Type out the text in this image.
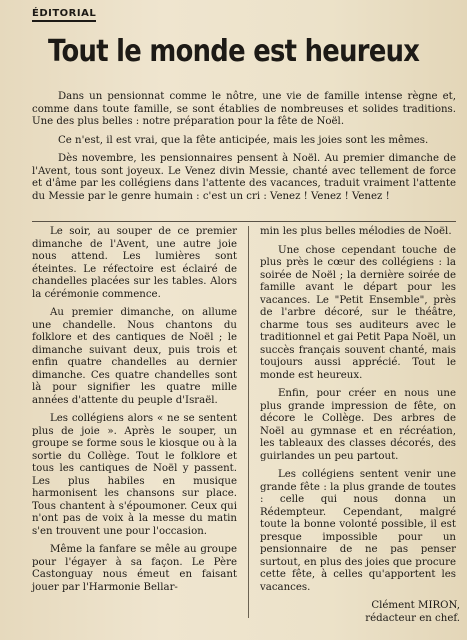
ÉDITORIAL
Tout le monde est heureux

Dans un pensionnat comme le nôtre, une vie de famille intense règne et, comme dans toute famille, se sont établies de nombreuses et solides traditions. Une des plus belles : notre préparation pour la fête de Noël.

Ce n'est, il est vrai, que la fête anticipée, mais les joies sont les mêmes.

Dès novembre, les pensionnaires pensent à Noël. Au premier dimanche de l'Avent, tous sont joyeux. Le Venez divin Messie, chanté avec tellement de force et d'âme par les collégiens dans l'attente des vacances, traduit vraiment l'attente du Messie par le genre humain : c'est un cri : Venez ! Venez ! Venez !

Le soir, au souper de ce premier dimanche de l'Avent, une autre joie nous attend. Les lumières sont éteintes. Le réfectoire est éclairé de chandelles placées sur les tables. Alors la cérémonie commence.

Au premier dimanche, on allume une chandelle. Nous chantons du folklore et des cantiques de Noël ; le dimanche suivant deux, puis trois et enfin quatre chandelles au dernier dimanche. Ces quatre chandelles sont là pour signifier les quatre mille années d'attente du peuple d'Israël.

Les collégiens alors « ne se sentent plus de joie ». Après le souper, un groupe se forme sous le kiosque ou à la sortie du Collège. Tout le folklore et tous les cantiques de Noël y passent. Les plus habiles en musique harmonisent les chansons sur place. Tous chantent à s'époumoner. Ceux qui n'ont pas de voix à la messe du matin s'en trouvent une pour l'occasion.

Même la fanfare se mêle au groupe pour l'égayer à sa façon. Le Père Castonguay nous émeut en faisant jouer par l'Harmonie Bellar-

min les plus belles mélodies de Noël.

Une chose cependant touche de plus près le cœur des collégiens : la soirée de Noël ; la dernière soirée de famille avant le départ pour les vacances. Le "Petit Ensemble", près de l'arbre décoré, sur le théâtre, charme tous ses auditeurs avec le traditionnel et gai Petit Papa Noël, un succès français souvent chanté, mais toujours aussi apprécié. Tout le monde est heureux.

Enfin, pour créer en nous une plus grande impression de fête, on décore le Collège. Des arbres de Noël au gymnase et en récréation, les tableaux des classes décorés, des guirlandes un peu partout.

Les collégiens sentent venir une grande fête : la plus grande de toutes : celle qui nous donna un Rédempteur. Cependant, malgré toute la bonne volonté possible, il est presque impossible pour un pensionnaire de ne pas penser surtout, en plus des joies que procure cette fête, à celles qu'apportent les vacances.

Clément MIRON,
rédacteur en chef.
